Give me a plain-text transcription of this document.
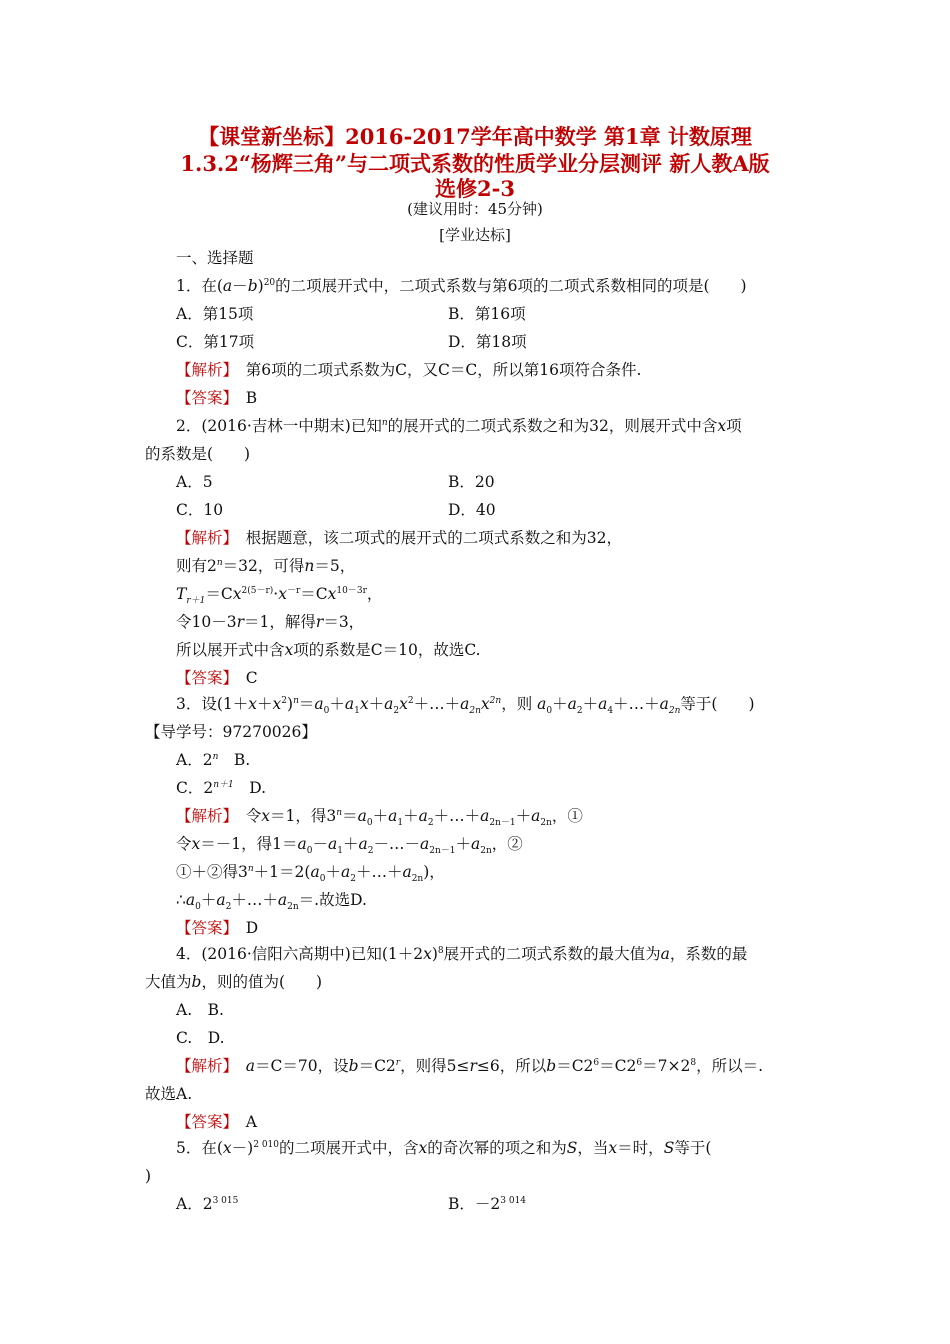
【课堂新坐标】2016-2017学年高中数学 第1章 计数原理
1.3.2“杨辉三角”与二项式系数的性质学业分层测评 新人教A版
选修2-3
(建议用时：45分钟)
[学业达标]
一、选择题
1．在$(a-b)^{20}$的二项展开式中，二项式系数与第6项的二项式系数相同的项是(　　)
A．第15项	B．第16项
C．第17项	D．第18项
【解析】　 第6项的二项式系数为C，又C＝C，所以第16项符合条件.
【答案】　 B
2．(2016·吉林一中期末)已知$^n$的展开式的二项式系数之和为32，则展开式中含x项
的系数是(　　)
A．5	B．20
C．10	D．40
【解析】　 根据题意，该二项式的展开式的二项式系数之和为32，
则有$2^n=32$，可得n＝5，
$T_{r+1}=Cx^{2(5-r)}\cdot x^{-r}=Cx^{10-3r}$，
令10－3r＝1，解得r＝3，
所以展开式中含x项的系数是C＝10，故选C.
【答案】　 C
3．设$(1+x+x^2)^n=a_0+a_1x+a_2x^2+\dots+a_{2n}x^{2n}$，则 $a_0+a_2+a_4+\dots+a_{2n}$等于(　　)
【导学号：97270026】
A．2$^n$　B.
C．$2^{n+1}$　D.
【解析】　 令x＝1，得$3^n=a_0+a_1+a_2+\dots+a_{2n-1}+a_{2n}$，①
令x＝－1，得$1=a_0-a_1+a_2-\dots-a_{2n-1}+a_{2n}$，②
①＋②得$3^n+1=2(a_0+a_2+\dots+a_{2n})$，
$\therefore a_0+a_2+\dots+a_{2n}=$.故选D.
【答案】　 D
4．(2016·信阳六高期中)已知$(1+2x)^8$展开式的二项式系数的最大值为a，系数的最
大值为b，则的值为(　　)
A.　B.
C.　D.
【解析】　 a＝C＝70，设$b=C2^r$，则得5≤r≤6，所以$b=C2^6=C2^6=7\times 2^8$，所以＝.
故选A.
【答案】　 A
5．在$(x-)^{2 010}$的二项展开式中，含x的奇次幂的项之和为S，当x＝时，S等于(
)
A．$2^{3 015}$	B．$-2^{3 014}$
